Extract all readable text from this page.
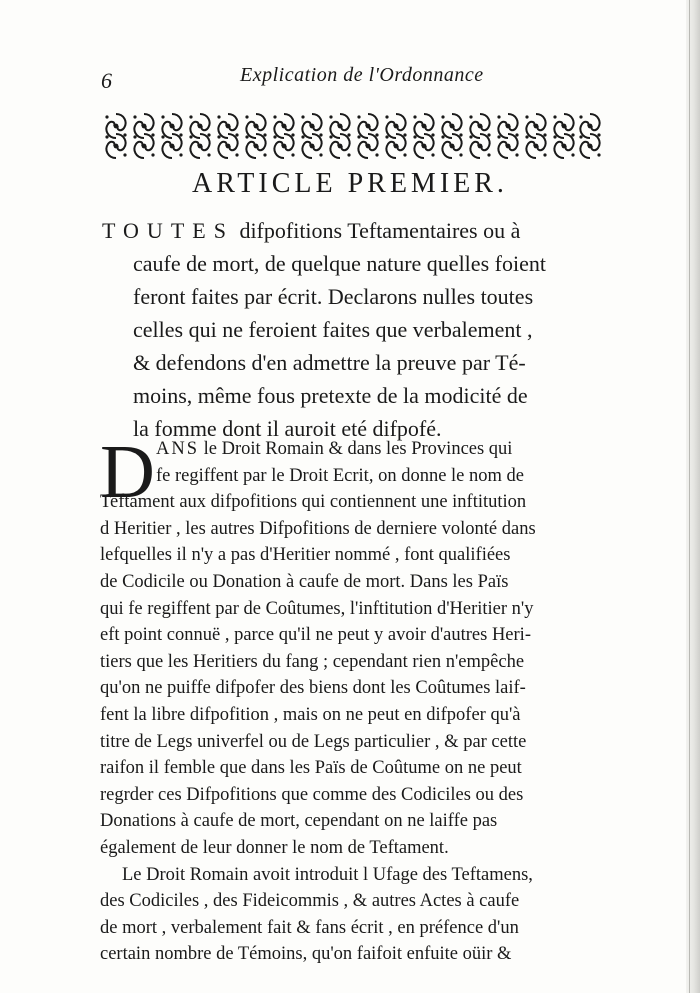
6	Explication de l'Ordonnance
ARTICLE PREMIER.
TOUTES difpofitions Teftamentaires ou à
caufe de mort, de quelque nature quelles foient
feront faites par écrit. Declarons nulles toutes
celles qui ne feroient faites que verbalement ,
& defendons d'en admettre la preuve par Té-
moins, même fous pretexte de la modicité de
la fomme dont il auroit eté difpofé.
D ANS le Droit Romain & dans les Provinces qui
fe regiffent par le Droit Ecrit, on donne le nom de
Teftament aux difpofitions qui contiennent une inftitution
d Heritier , les autres Difpofitions de derniere volonté dans
lefquelles il n'y a pas d'Heritier nommé , font qualifiées
de Codicile ou Donation à caufe de mort. Dans les Païs
qui fe regiffent par de Coûtumes, l'inftitution d'Heritier n'y
eft point connuë , parce qu'il ne peut y avoir d'autres Heri-
tiers que les Heritiers du fang ; cependant rien n'empêche
qu'on ne puiffe difpofer des biens dont les Coûtumes laif-
fent la libre difpofition , mais on ne peut en difpofer qu'à
titre de Legs univerfel ou de Legs particulier , & par cette
raifon il femble que dans les Païs de Coûtume on ne peut
regrder ces Difpofitions que comme des Codiciles ou des
Donations à caufe de mort, cependant on ne laiffe pas
également de leur donner le nom de Teftament.
Le Droit Romain avoit introduit l Ufage des Teftamens,
des Codiciles , des Fideicommis , & autres Actes à caufe
de mort , verbalement fait & fans écrit , en préfence d'un
certain nombre de Témoins, qu'on faifoit enfuite oüir &
